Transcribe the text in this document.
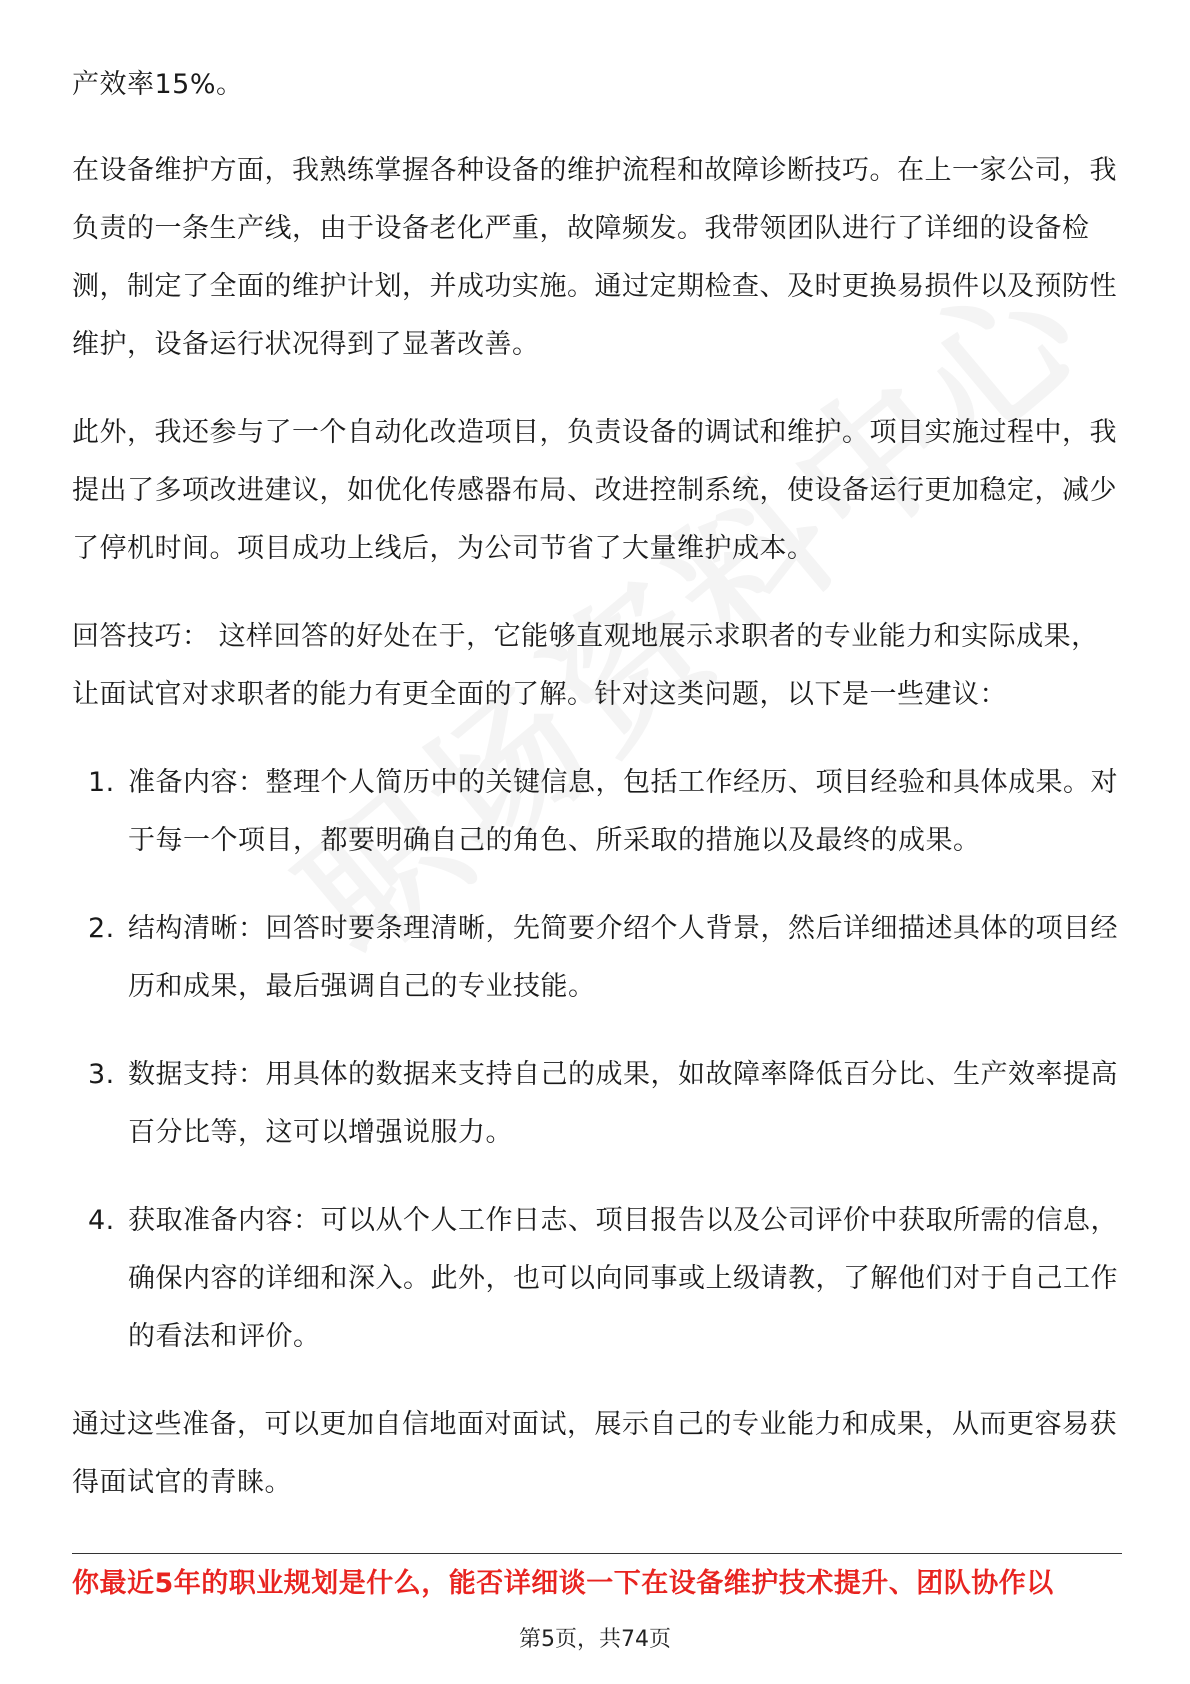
产效率15%。

在设备维护方面，我熟练掌握各种设备的维护流程和故障诊断技巧。在上一家公司，我负责的一条生产线，由于设备老化严重，故障频发。我带领团队进行了详细的设备检测，制定了全面的维护计划，并成功实施。通过定期检查、及时更换易损件以及预防性维护，设备运行状况得到了显著改善。

此外，我还参与了一个自动化改造项目，负责设备的调试和维护。项目实施过程中，我提出了多项改进建议，如优化传感器布局、改进控制系统，使设备运行更加稳定，减少了停机时间。项目成功上线后，为公司节省了大量维护成本。

回答技巧： 这样回答的好处在于，它能够直观地展示求职者的专业能力和实际成果，让面试官对求职者的能力有更全面的了解。针对这类问题，以下是一些建议：

1. 准备内容：整理个人简历中的关键信息，包括工作经历、项目经验和具体成果。对于每一个项目，都要明确自己的角色、所采取的措施以及最终的成果。
2. 结构清晰：回答时要条理清晰，先简要介绍个人背景，然后详细描述具体的项目经历和成果，最后强调自己的专业技能。
3. 数据支持：用具体的数据来支持自己的成果，如故障率降低百分比、生产效率提高百分比等，这可以增强说服力。
4. 获取准备内容：可以从个人工作日志、项目报告以及公司评价中获取所需的信息，确保内容的详细和深入。此外，也可以向同事或上级请教，了解他们对于自己工作的看法和评价。

通过这些准备，可以更加自信地面对面试，展示自己的专业能力和成果，从而更容易获得面试官的青睐。

你最近5年的职业规划是什么，能否详细谈一下在设备维护技术提升、团队协作以
第5页，共74页
